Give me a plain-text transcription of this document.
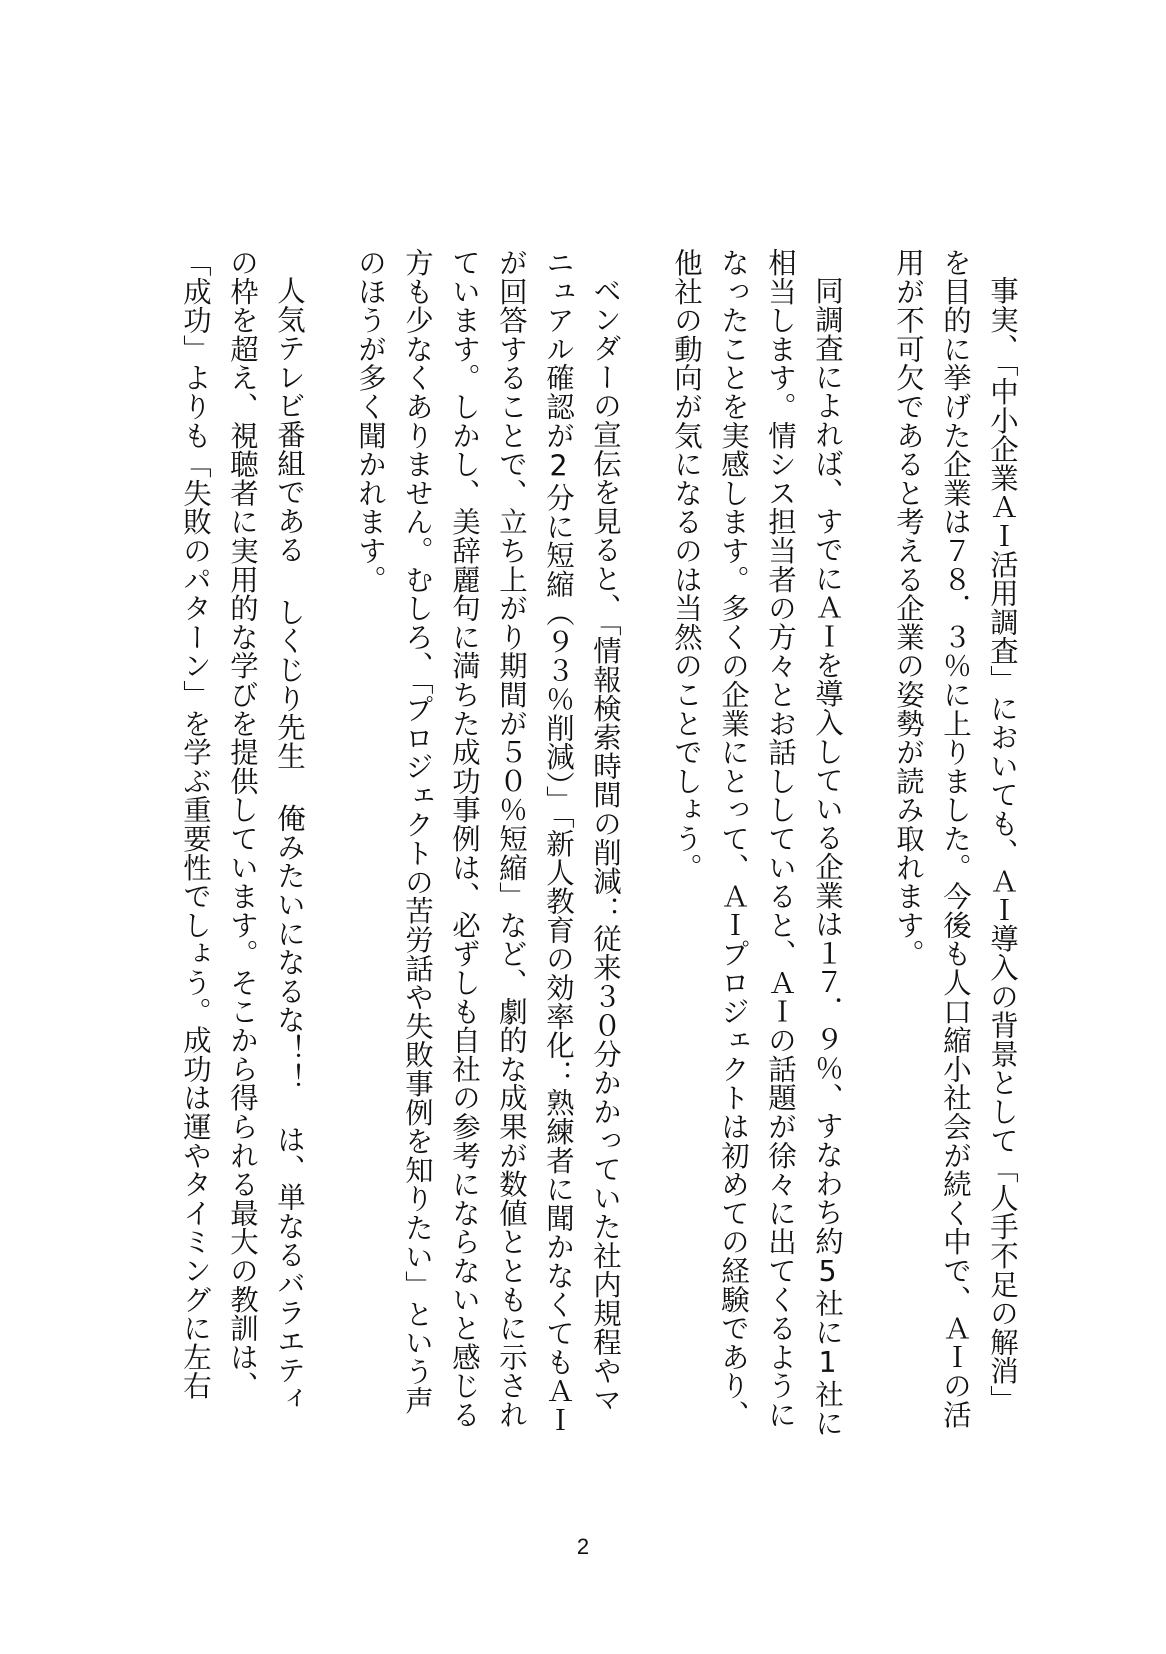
事実、「中小企業ＡＩ活用調査」においても、ＡＩ導入の背景として「人手不足の解消」を目的に挙げた企業は７８．３％に上りました。今後も人口縮小社会が続く中で、ＡＩの活用が不可欠であると考える企業の姿勢が読み取れます。

同調査によれば、すでにＡＩを導入している企業は１７．９％、すなわち約5社に1社に相当します。情シス担当者の方々とお話ししていると、ＡＩの話題が徐々に出てくるようになったことを実感します。多くの企業にとって、ＡＩプロジェクトは初めての経験であり、他社の動向が気になるのは当然のことでしょう。

ベンダーの宣伝を見ると、「情報検索時間の削減：従来３０分かかっていた社内規程やマニュアル確認が2分に短縮（９３％削減）」「新人教育の効率化：熟練者に聞かなくてもＡＩが回答することで、立ち上がり期間が５０％短縮」など、劇的な成果が数値とともに示されています。しかし、美辞麗句に満ちた成功事例は、必ずしも自社の参考にならないと感じる方も少なくありません。むしろ、「プロジェクトの苦労話や失敗事例を知りたい」という声のほうが多く聞かれます。

人気テレビ番組である しくじり先生 俺みたいになるな！！ は、単なるバラエティの枠を超え、視聴者に実用的な学びを提供しています。そこから得られる最大の教訓は、「成功」よりも「失敗のパターン」を学ぶ重要性でしょう。成功は運やタイミングに左右

2
